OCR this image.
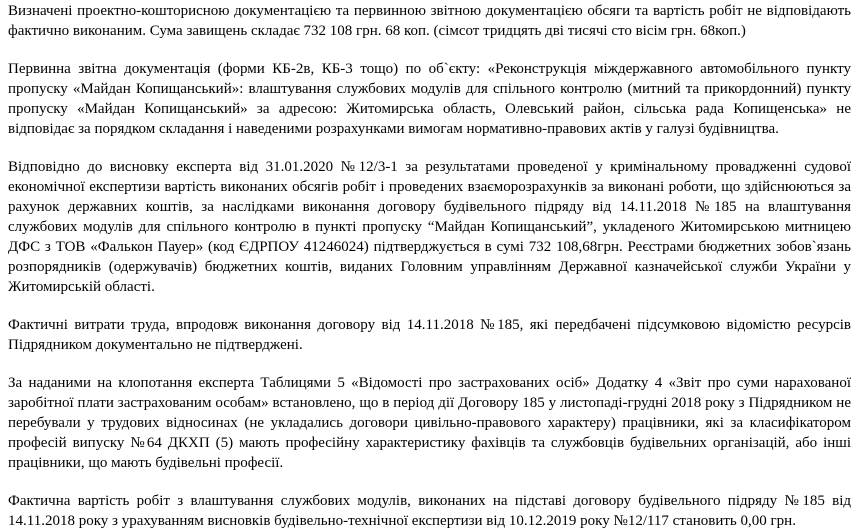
Визначені проектно-кошторисною документацією та первинною звітною документацією обсяги та вартість робіт не відповідають фактично виконаним. Сума завищень складає 732 108 грн. 68 коп. (сімсот тридцять дві тисячі сто вісім грн. 68коп.)

Первинна звітна документація (форми КБ-2в, КБ-3 тощо) по об`єкту: «Реконструкція міждержавного автомобільного пункту пропуску «Майдан Копищанський»: влаштування службових модулів для спільного контролю (митний та прикордонний) пункту пропуску «Майдан Копищанський» за адресою: Житомирська область, Олевський район, сільська рада Копищенська» не відповідає за порядком складання і наведеними розрахунками вимогам нормативно-правових актів у галузі будівництва.

Відповідно до висновку експерта від 31.01.2020 №12/3-1 за результатами проведеної у кримінальному провадженні судової економічної експертизи вартість виконаних обсягів робіт і проведених взаєморозрахунків за виконані роботи, що здійснюються за рахунок державних коштів, за наслідками виконання договору будівельного підряду від 14.11.2018 №185 на влаштування службових модулів для спільного контролю в пункті пропуску “Майдан Копищанський”, укладеного Житомирською митницею ДФС з ТОВ «Фалькон Пауер» (код ЄДРПОУ 41246024) підтверджується в сумі 732 108,68грн. Реєстрами бюджетних зобов`язань розпорядників (одержувачів) бюджетних коштів, виданих Головним управлінням Державної казначейської служби України у Житомирській області.

Фактичні витрати труда, впродовж виконання договору від 14.11.2018 №185, які передбачені підсумковою відомістю ресурсів Підрядником документально не підтверджені.

За наданими на клопотання експерта Таблицями 5 «Відомості про застрахованих осіб» Додатку 4 «Звіт про суми нарахованої заробітної плати застрахованим особам» встановлено, що в період дії Договору 185 у листопаді-грудні 2018 року з Підрядником не перебували у трудових відносинах (не укладались договори цивільно-правового характеру) працівники, які за класифікатором професій випуску №64 ДКХП (5) мають професійну характеристику фахівців та службовців будівельних організацій, або інші працівники, що мають будівельні професії.

Фактична вартість робіт з влаштування службових модулів, виконаних на підставі договору будівельного підряду №185 від 14.11.2018 року з урахуванням висновків будівельно-технічної експертизи від 10.12.2019 року №12/117 становить 0,00 грн.
